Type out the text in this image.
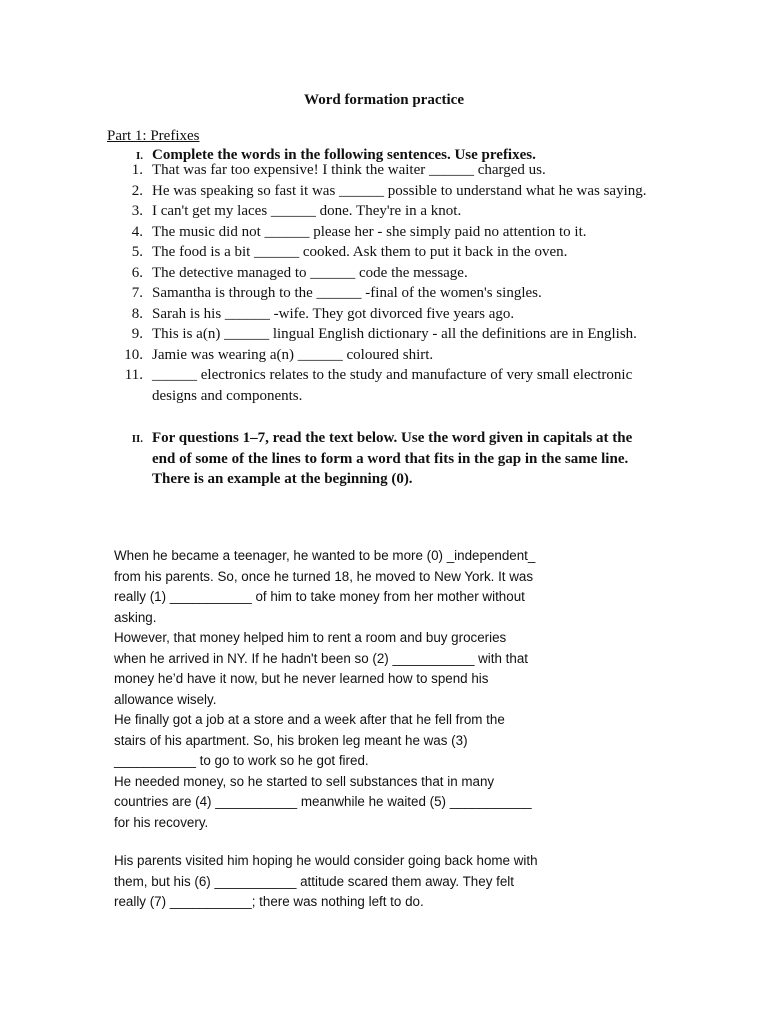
Word formation practice
Part 1: Prefixes
I. Complete the words in the following sentences. Use prefixes.
1. That was far too expensive! I think the waiter ______ charged us.
2. He was speaking so fast it was ______ possible to understand what he was saying.
3. I can't get my laces ______ done. They're in a knot.
4. The music did not ______ please her - she simply paid no attention to it.
5. The food is a bit ______ cooked. Ask them to put it back in the oven.
6. The detective managed to ______ code the message.
7. Samantha is through to the ______ -final of the women's singles.
8. Sarah is his ______ -wife. They got divorced five years ago.
9. This is a(n) ______ lingual English dictionary - all the definitions are in English.
10. Jamie was wearing a(n) ______ coloured shirt.
11. ______ electronics relates to the study and manufacture of very small electronic
designs and components.
II. For questions 1–7, read the text below. Use the word given in capitals at the
end of some of the lines to form a word that fits in the gap in the same line.
There is an example at the beginning (0).
When he became a teenager, he wanted to be more (0) _independent_
from his parents. So, once he turned 18, he moved to New York. It was
really (1) ___________ of him to take money from her mother without
asking.
However, that money helped him to rent a room and buy groceries
when he arrived in NY. If he hadn't been so (2) ___________ with that
money he’d have it now, but he never learned how to spend his
allowance wisely.
He finally got a job at a store and a week after that he fell from the
stairs of his apartment. So, his broken leg meant he was (3)
___________ to go to work so he got fired.
He needed money, so he started to sell substances that in many
countries are (4) ___________ meanwhile he waited (5) ___________
for his recovery.
His parents visited him hoping he would consider going back home with
them, but his (6) ___________ attitude scared them away. They felt
really (7) ___________; there was nothing left to do.
